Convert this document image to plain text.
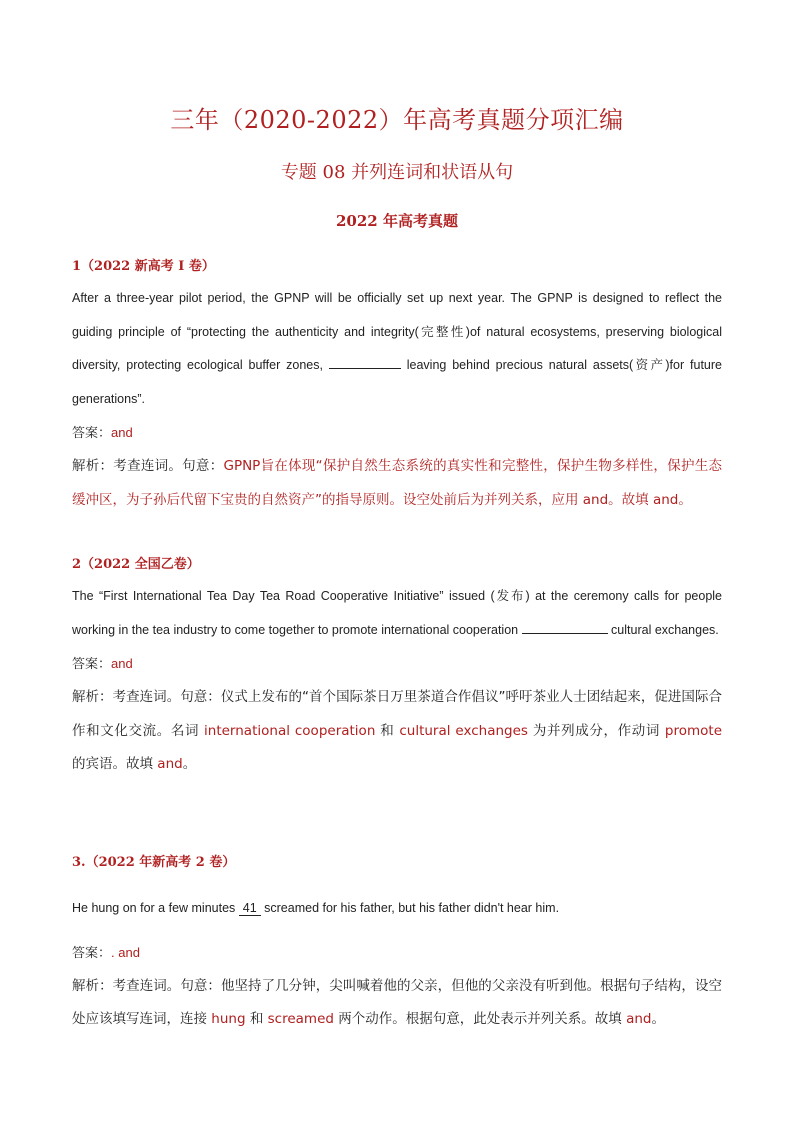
三年（2020-2022）年高考真题分项汇编
专题 08 并列连词和状语从句
2022 年高考真题
1（2022 新高考 I 卷）
After a three-year pilot period, the GPNP will be officially set up next year. The GPNP is designed to reflect the guiding principle of “protecting the authenticity and integrity(完整性)of natural ecosystems, preserving biological diversity, protecting ecological buffer zones,	leaving behind precious natural assets(资产)for future generations”.
答案：and
解析：考查连词。句意：GPNP旨在体现“保护自然生态系统的真实性和完整性，保护生物多样性，保护生态缓冲区，为子孙后代留下宝贵的自然资产”的指导原则。设空处前后为并列关系，应用 and。故填 and。
2（2022 全国乙卷）
The “First International Tea Day Tea Road Cooperative Initiative” issued (发布) at the ceremony calls for people working in the tea industry to come together to promote international cooperation	cultural exchanges.
答案：and
解析：考查连词。句意：仪式上发布的“首个国际茶日万里茶道合作倡议”呼吁茶业人士团结起来，促进国际合作和文化交流。名词 international cooperation 和 cultural exchanges 为并列成分，作动词 promote 的宾语。故填 and。
3.（2022 年新高考 2 卷）
He hung on for a few minutes 41 screamed for his father, but his father didn't hear him.
答案：. and
解析：考查连词。句意：他坚持了几分钟，尖叫喊着他的父亲，但他的父亲没有听到他。根据句子结构，设空处应该填写连词，连接 hung 和 screamed 两个动作。根据句意，此处表示并列关系。故填 and。
